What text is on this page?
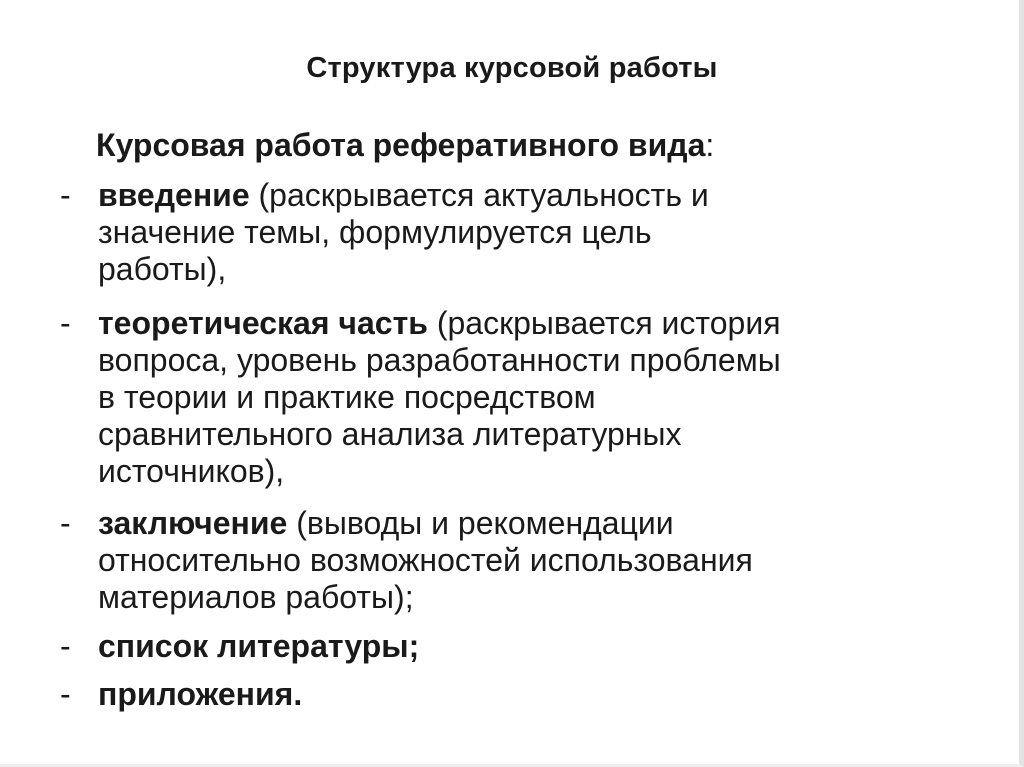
Структура курсовой работы
Курсовая работа реферативного вида:
- введение (раскрывается актуальность и
значение темы, формулируется цель
работы),
- теоретическая часть (раскрывается история
вопроса, уровень разработанности проблемы
в теории и практике посредством
сравнительного анализа литературных
источников),
- заключение (выводы и рекомендации
относительно возможностей использования
материалов работы);
- список литературы;
- приложения.
